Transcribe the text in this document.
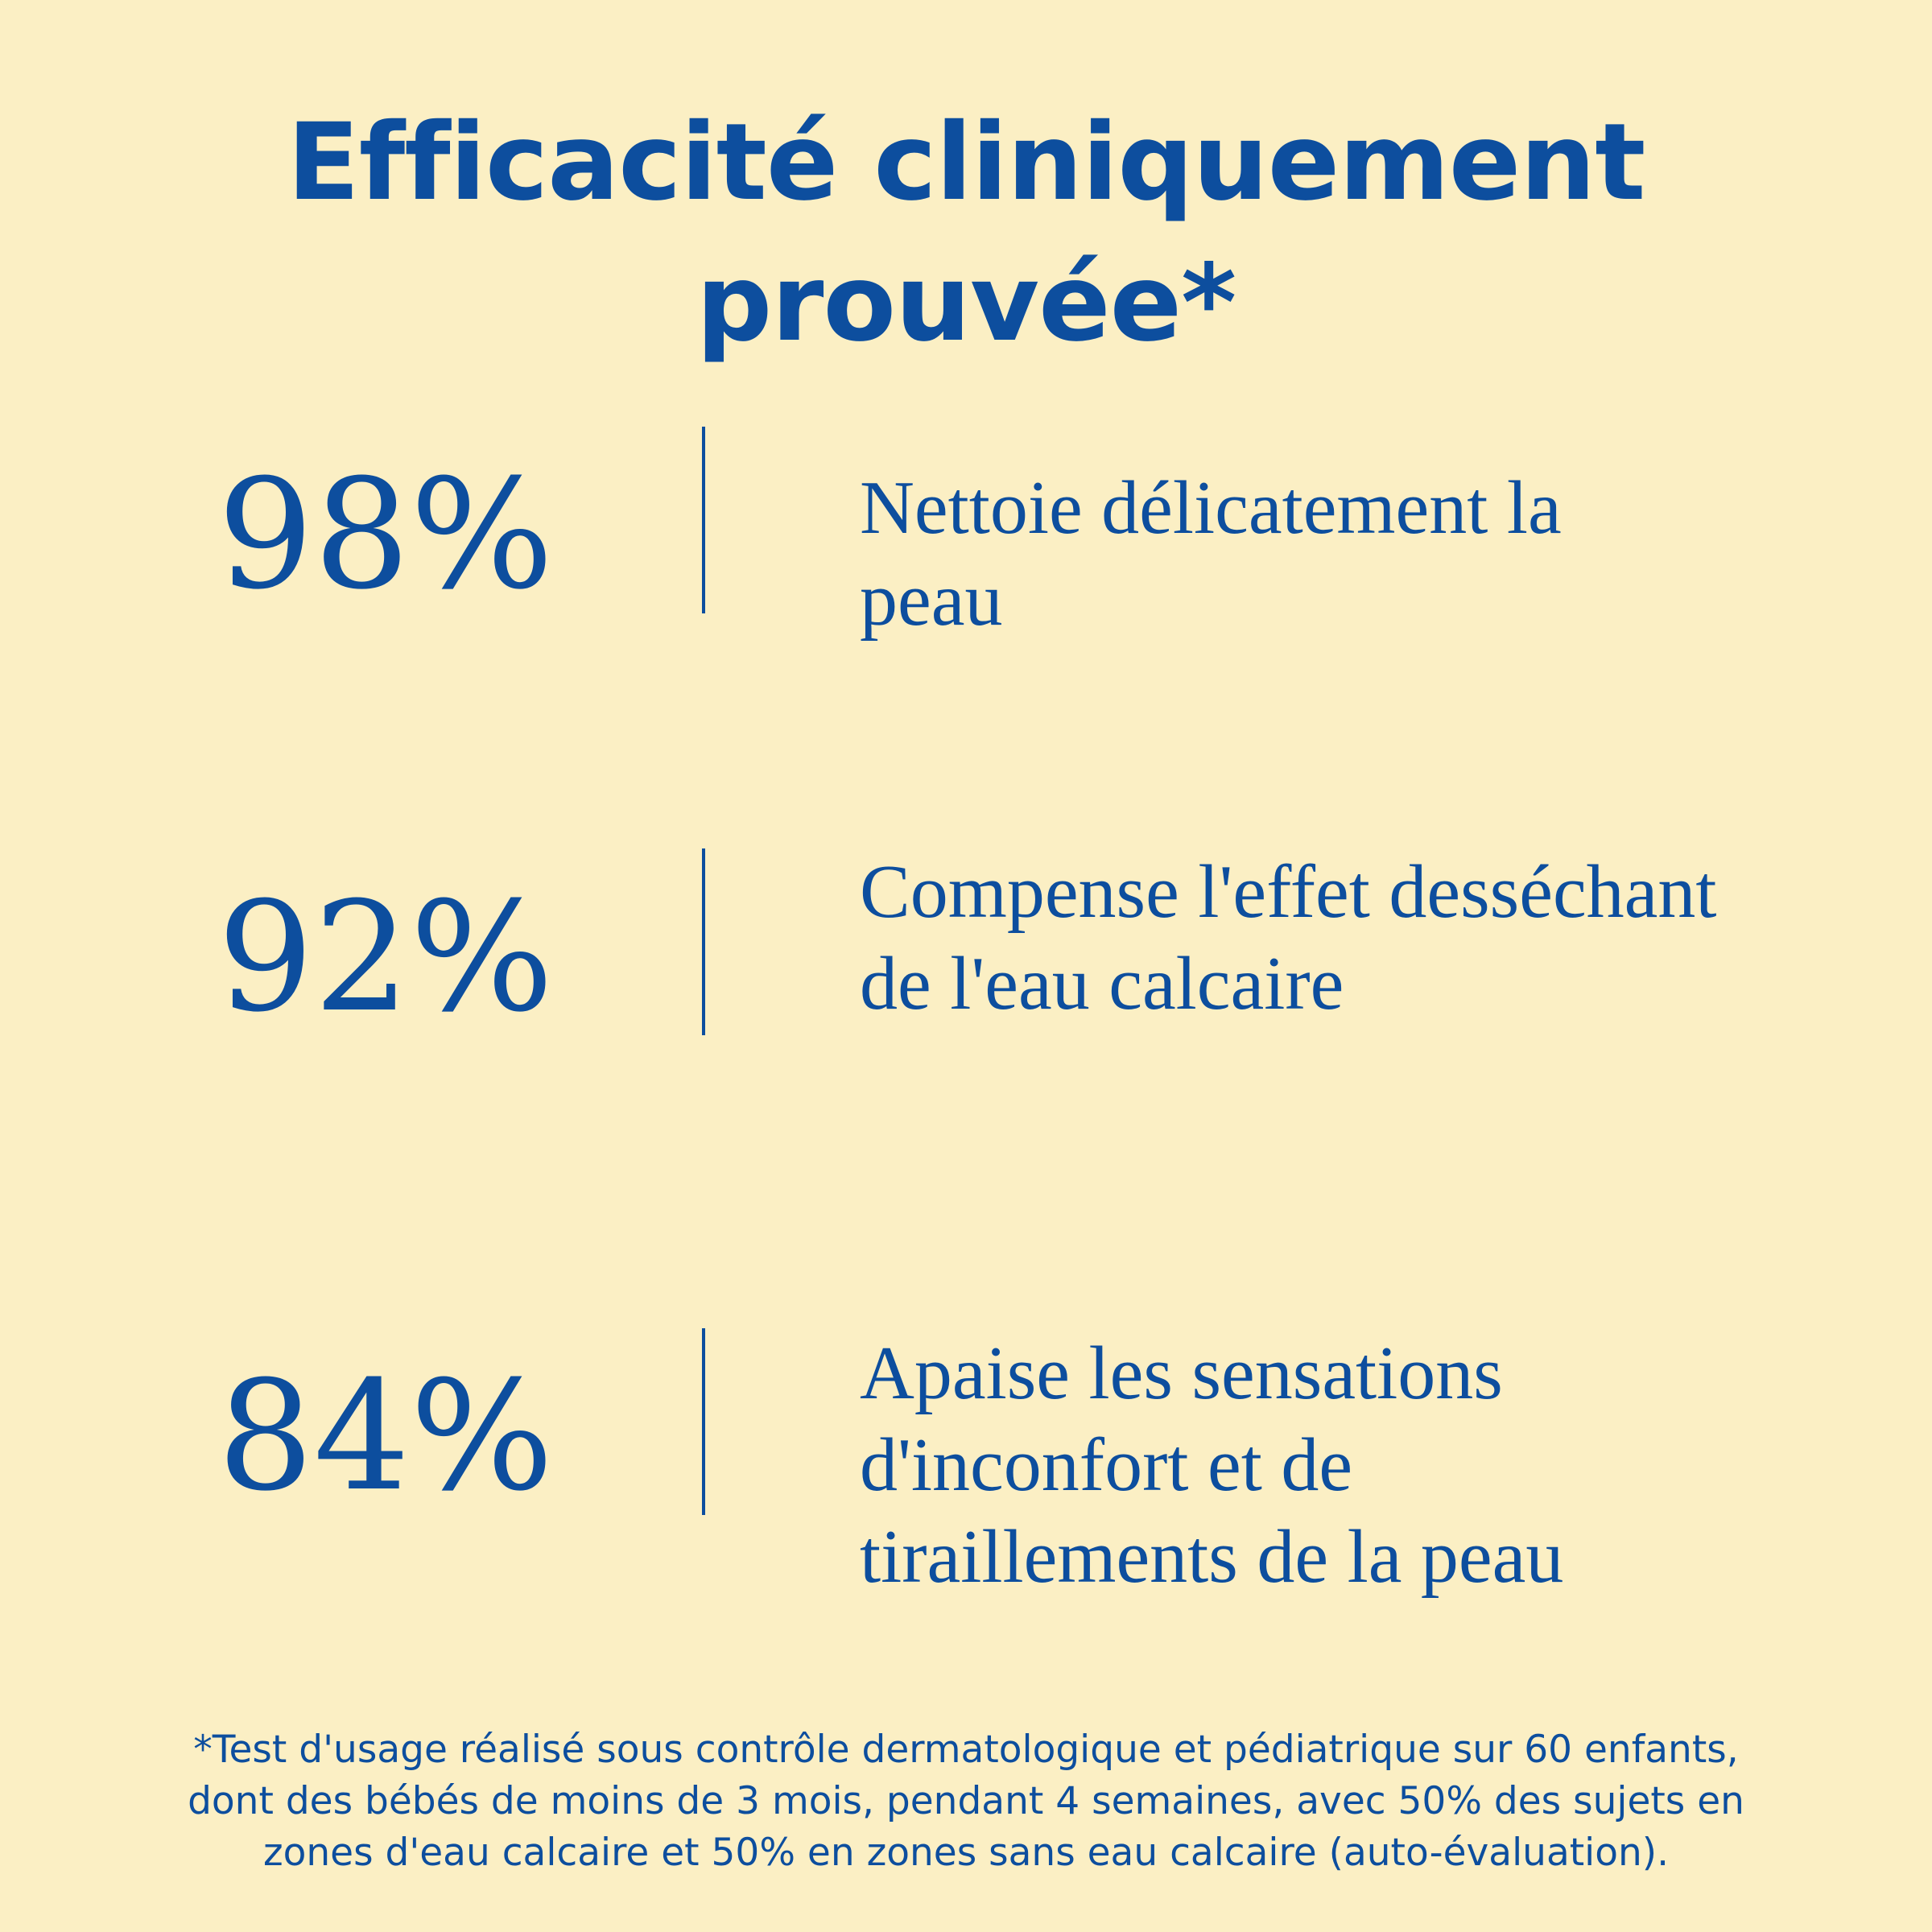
Efficacité cliniquement
prouvée*
98%	Nettoie délicatement la
peau
92%	Compense l'effet desséchant
de l'eau calcaire
84%	Apaise les sensations
d'inconfort et de
tiraillements de la peau
*Test d'usage réalisé sous contrôle dermatologique et pédiatrique sur 60 enfants,
dont des bébés de moins de 3 mois, pendant 4 semaines, avec 50% des sujets en
zones d'eau calcaire et 50% en zones sans eau calcaire (auto-évaluation).
